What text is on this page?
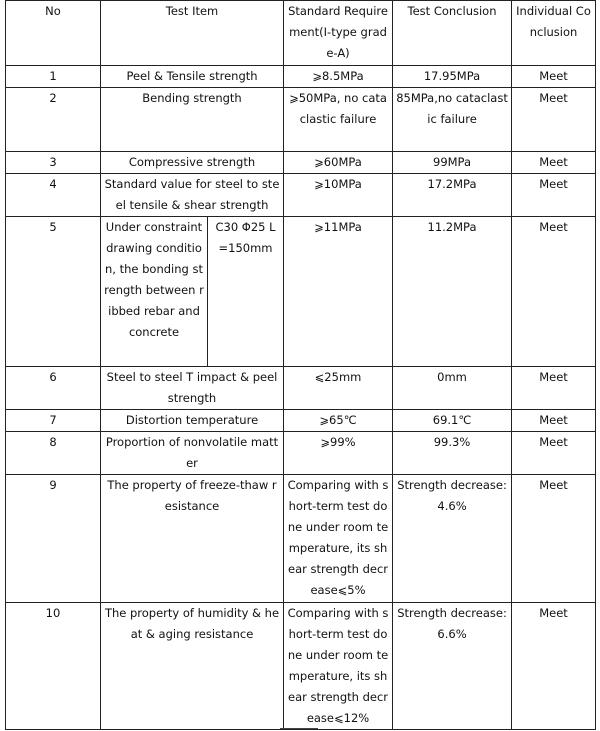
No	Test Item		Standard Requirement(I-type grade-A)	Test Conclusion	Individual Conclusion
1	Peel & Tensile strength		⩾8.5MPa	17.95MPa	Meet
2	Bending strength		⩾50MPa, no cataclastic failure	85MPa,no cataclastic failure	Meet
3	Compressive strength		⩾60MPa	99MPa	Meet
4	Standard value for steel to steel tensile & shear strength		⩾10MPa	17.2MPa	Meet
5	Under constraint drawing condition, the bonding strength between ribbed rebar and concrete	C30 Φ25 L=150mm	⩾11MPa	11.2MPa	Meet
6	Steel to steel T impact & peel strength		⩽25mm	0mm	Meet
7	Distortion temperature		⩾65℃	69.1℃	Meet
8	Proportion of nonvolatile matter		⩾99%	99.3%	Meet
9	The property of freeze-thaw resistance		Comparing with short-term test done under room temperature, its shear strength decrease⩽5%	Strength decrease: 4.6%	Meet
10	The property of humidity & heat & aging resistance		Comparing with short-term test done under room temperature, its shear strength decrease⩽12%	Strength decrease: 6.6%	Meet
